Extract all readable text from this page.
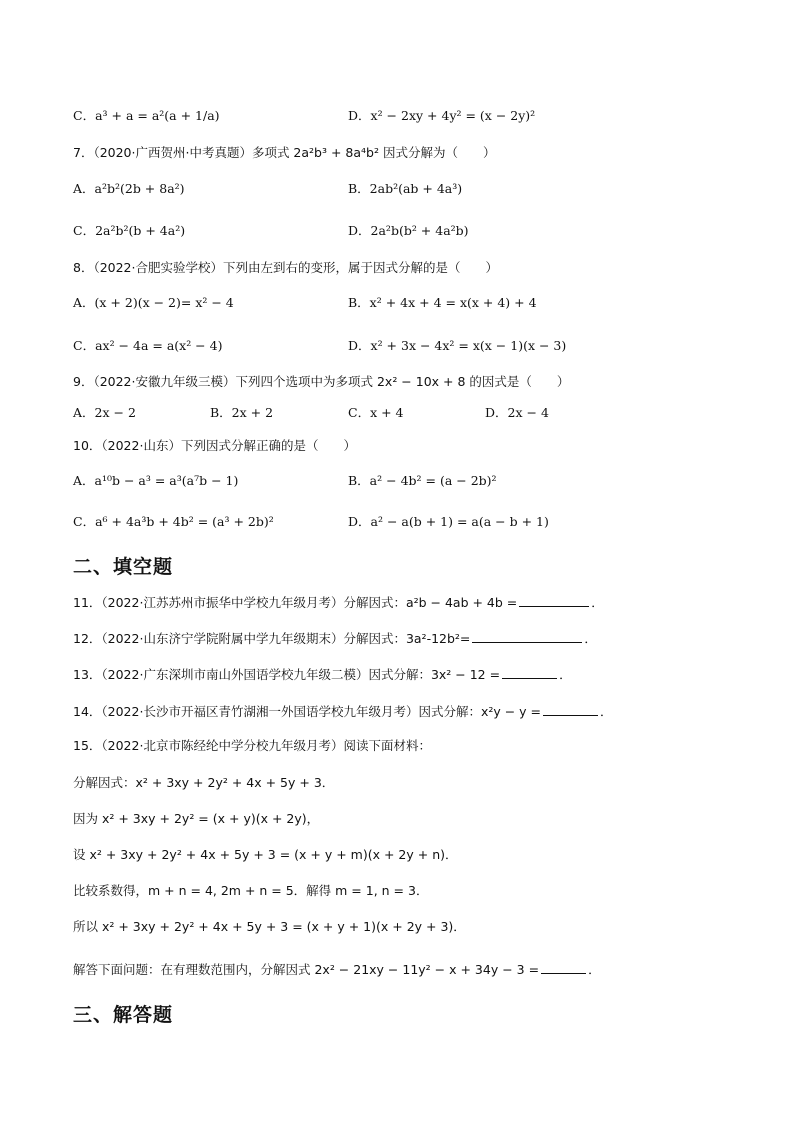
C．a³ + a = a²(a + 1/a)	D．x² − 2xy + 4y² = (x − 2y)²
7．（2020·广西贺州·中考真题）多项式 2a²b³ + 8a⁴b² 因式分解为（　　）
A．a²b²(2b + 8a²)	B．2ab²(ab + 4a³)
C．2a²b²(b + 4a²)	D．2a²b(b² + 4a²b)
8．（2022·合肥实验学校）下列由左到右的变形，属于因式分解的是（　　）
A．(x + 2)(x − 2)= x² − 4	B．x² + 4x + 4 = x(x + 4) + 4
C．ax² − 4a = a(x² − 4)	D．x² + 3x − 4x² = x(x − 1)(x − 3)
9．（2022·安徽九年级三模）下列四个选项中为多项式 2x² − 10x + 8 的因式是（　　）
A．2x − 2	B．2x + 2	C．x + 4	D．2x − 4
10．（2022·山东）下列因式分解正确的是（　　）
A．a¹⁰b − a³ = a³(a⁷b − 1)	B．a² − 4b² = (a − 2b)²
C．a⁶ + 4a³b + 4b² = (a³ + 2b)²	D．a² − a(b + 1) = a(a − b + 1)
二、填空题
11．（2022·江苏苏州市振华中学校九年级月考）分解因式：a²b − 4ab + 4b =	．
12．（2022·山东济宁学院附属中学九年级期末）分解因式：3a²-12b²=	．
13．（2022·广东深圳市南山外国语学校九年级二模）因式分解：3x² − 12 =	．
14．（2022·长沙市开福区青竹湖湘一外国语学校九年级月考）因式分解：x²y − y =	．
15．（2022·北京市陈经纶中学分校九年级月考）阅读下面材料：
分解因式：x² + 3xy + 2y² + 4x + 5y + 3．
因为 x² + 3xy + 2y² = (x + y)(x + 2y)，
设 x² + 3xy + 2y² + 4x + 5y + 3 = (x + y + m)(x + 2y + n)．
比较系数得，m + n = 4, 2m + n = 5．解得 m = 1, n = 3．
所以 x² + 3xy + 2y² + 4x + 5y + 3 = (x + y + 1)(x + 2y + 3)．
解答下面问题：在有理数范围内，分解因式 2x² − 21xy − 11y² − x + 34y − 3 =	．
三、解答题
